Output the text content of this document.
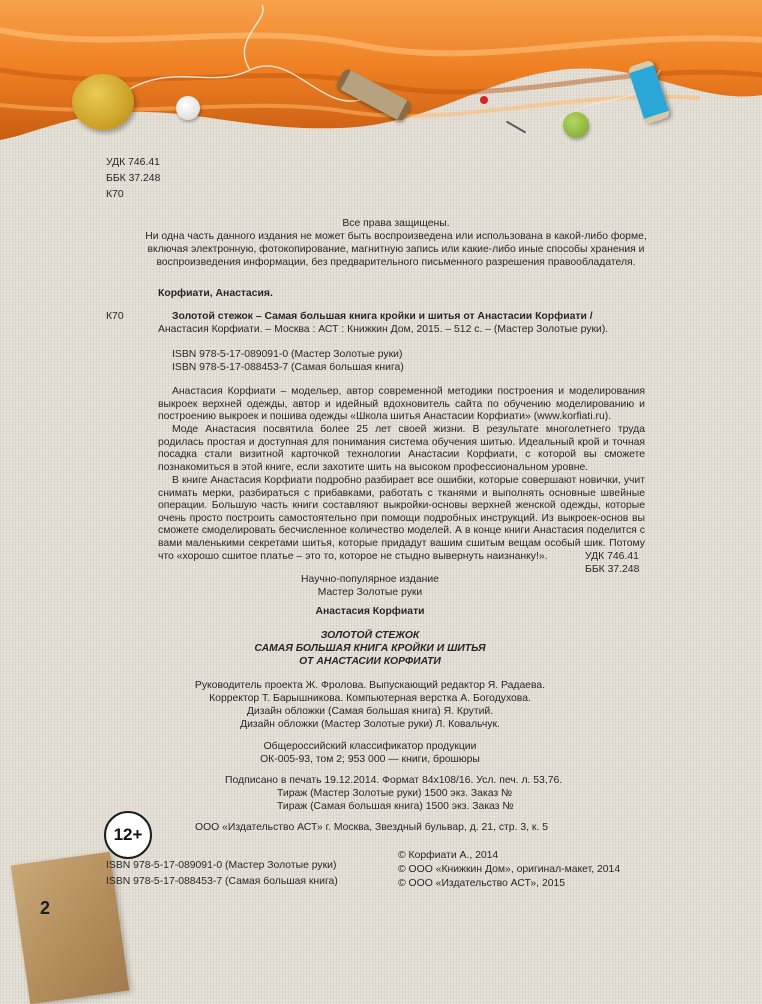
УДК 746.41
ББК 37.248
К70
Все права защищены.
Ни одна часть данного издания не может быть воспроизведена или использована в какой-либо форме,
включая электронную, фотокопирование, магнитную запись или какие-либо иные способы хранения и
воспроизведения информации, без предварительного письменного разрешения правообладателя.
Корфиати, Анастасия.
К70	Золотой стежок – Самая большая книга кройки и шитья от Анастасии Корфиати /
Анастасия Корфиати. – Москва : АСТ : Книжкин Дом, 2015. – 512 с. – (Мастер Золотые руки).
ISBN 978-5-17-089091-0 (Мастер Золотые руки)
ISBN 978-5-17-088453-7 (Самая большая книга)
Анастасия Корфиати – модельер, автор современной методики построения и моделирования выкроек верхней одежды, автор и идейный вдохновитель сайта по обучению моделированию и построению выкроек и пошива одежды «Школа шитья Анастасии Корфиати» (www.korfiati.ru).
Моде Анастасия посвятила более 25 лет своей жизни. В результате многолетнего труда родилась простая и доступная для понимания система обучения шитью. Идеальный крой и точная посадка стали визитной карточкой технологии Анастасии Корфиати, с которой вы сможете познакомиться в этой книге, если захотите шить на высоком профессиональном уровне.
В книге Анастасия Корфиати подробно разбирает все ошибки, которые совершают новички, учит снимать мерки, разбираться с прибавками, работать с тканями и выполнять основные швейные операции. Большую часть книги составляют выкройки-основы верхней женской одежды, которые очень просто построить самостоятельно при помощи подробных инструкций. Из выкроек-основ вы сможете смоделировать бесчисленное количество моделей. А в конце книги Анастасия поделится с вами маленькими секретами шитья, которые придадут вашим сшитым вещам особый шик. Потому что «хорошо сшитое платье – это то, которое не стыдно вывернуть наизнанку!».	УДК 746.41
ББК 37.248
Научно-популярное издание
Мастер Золотые руки
Анастасия Корфиати
ЗОЛОТОЙ СТЕЖОК
САМАЯ БОЛЬШАЯ КНИГА КРОЙКИ И ШИТЬЯ
ОТ АНАСТАСИИ КОРФИАТИ
Руководитель проекта Ж. Фролова. Выпускающий редактор Я. Радаева.
Корректор Т. Барышникова. Компьютерная верстка А. Богодухова.
Дизайн обложки (Самая большая книга) Я. Крутий.
Дизайн обложки (Мастер Золотые руки) Л. Ковальчук.
Общероссийский классификатор продукции
ОК-005-93, том 2; 953 000 — книги, брошюры
Подписано в печать 19.12.2014. Формат 84x108/16. Усл. печ. л. 53,76.
Тираж (Мастер Золотые руки) 1500 экз. Заказ №
Тираж (Самая большая книга) 1500 экз. Заказ №
ООО «Издательство АСТ» г. Москва, Звездный бульвар, д. 21, стр. 3, к. 5
12+
ISBN 978-5-17-089091-0 (Мастер Золотые руки)
ISBN 978-5-17-088453-7 (Самая большая книга)
© Корфиати А., 2014
© ООО «Книжкин Дом», оригинал-макет, 2014
© ООО «Издательство АСТ», 2015
2
